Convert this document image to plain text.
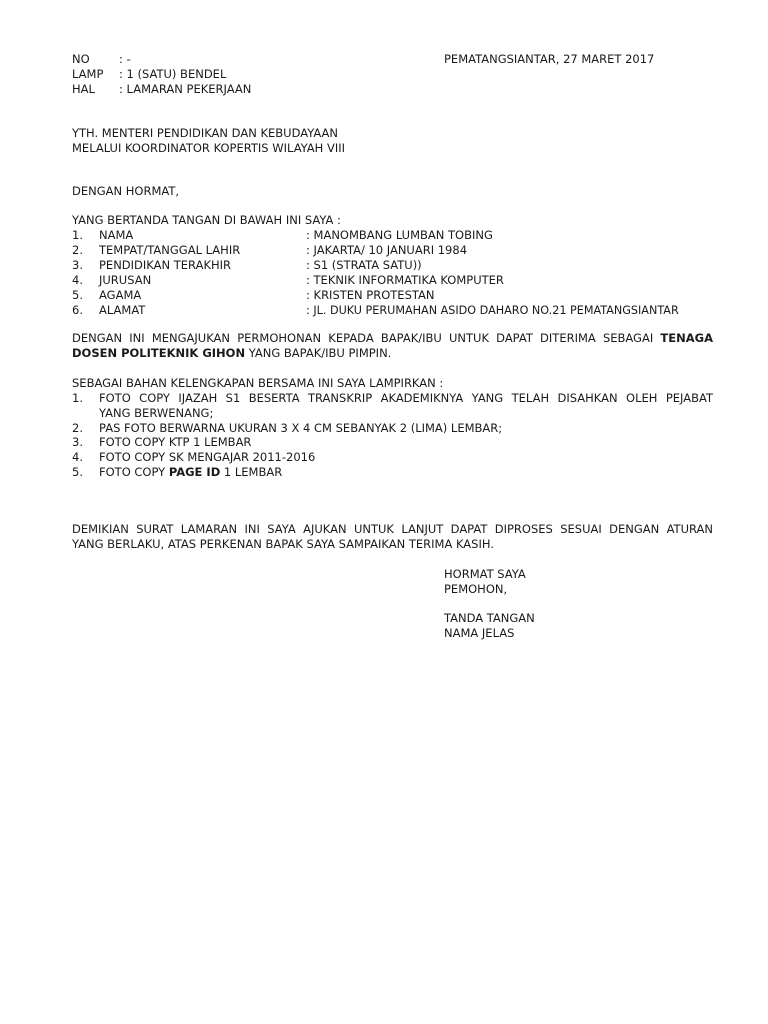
NO	: -	PEMATANGSIANTAR, 27 MARET 2017
LAMP : 1 (SATU) BENDEL
HAL : LAMARAN PEKERJAAN
YTH. MENTERI PENDIDIKAN DAN KEBUDAYAAN
MELALUI KOORDINATOR KOPERTIS WILAYAH VIII
DENGAN HORMAT,
YANG BERTANDA TANGAN DI BAWAH INI SAYA :
1. NAMA	: MANOMBANG LUMBAN TOBING
2. TEMPAT/TANGGAL LAHIR	: JAKARTA/ 10 JANUARI 1984
3. PENDIDIKAN TERAKHIR	: S1 (STRATA SATU))
4. JURUSAN	: TEKNIK INFORMATIKA KOMPUTER
5. AGAMA	: KRISTEN PROTESTAN
6. ALAMAT	: JL. DUKU PERUMAHAN ASIDO DAHARO NO.21 PEMATANGSIANTAR
DENGAN INI MENGAJUKAN PERMOHONAN KEPADA BAPAK/IBU UNTUK DAPAT DITERIMA SEBAGAI TENAGA
DOSEN POLITEKNIK GIHON YANG BAPAK/IBU PIMPIN.
SEBAGAI BAHAN KELENGKAPAN BERSAMA INI SAYA LAMPIRKAN :
1. FOTO COPY IJAZAH S1 BESERTA TRANSKRIP AKADEMIKNYA YANG TELAH DISAHKAN OLEH PEJABAT
YANG BERWENANG;
2. PAS FOTO BERWARNA UKURAN 3 X 4 CM SEBANYAK 2 (LIMA) LEMBAR;
3. FOTO COPY KTP 1 LEMBAR
4. FOTO COPY SK MENGAJAR 2011-2016
5. FOTO COPY PAGE ID 1 LEMBAR
DEMIKIAN SURAT LAMARAN INI SAYA AJUKAN UNTUK LANJUT DAPAT DIPROSES SESUAI DENGAN ATURAN
YANG BERLAKU, ATAS PERKENAN BAPAK SAYA SAMPAIKAN TERIMA KASIH.
HORMAT SAYA
PEMOHON,
TANDA TANGAN
NAMA JELAS
